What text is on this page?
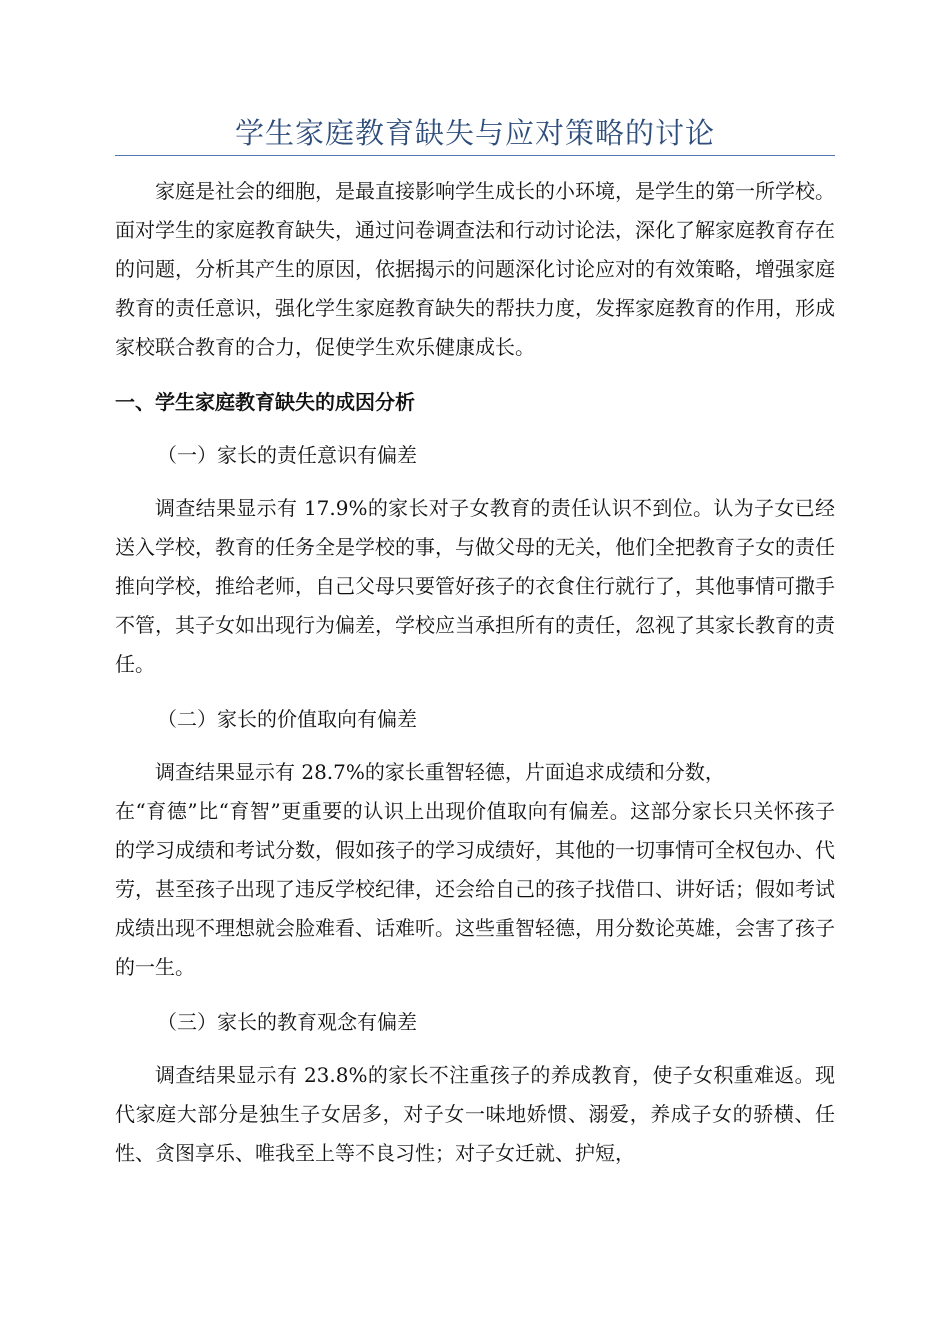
学生家庭教育缺失与应对策略的讨论

家庭是社会的细胞，是最直接影响学生成长的小环境，是学生的第一所学校。面对学生的家庭教育缺失，通过问卷调查法和行动讨论法，深化了解家庭教育存在的问题，分析其产生的原因，依据揭示的问题深化讨论应对的有效策略，增强家庭教育的责任意识，强化学生家庭教育缺失的帮扶力度，发挥家庭教育的作用，形成家校联合教育的合力，促使学生欢乐健康成长。

一、学生家庭教育缺失的成因分析
（一）家长的责任意识有偏差

调查结果显示有 17.9%的家长对子女教育的责任认识不到位。认为子女已经送入学校，教育的任务全是学校的事，与做父母的无关，他们全把教育子女的责任推向学校，推给老师，自己父母只要管好孩子的衣食住行就行了，其他事情可撒手不管，其子女如出现行为偏差，学校应当承担所有的责任，忽视了其家长教育的责任。

（二）家长的价值取向有偏差

调查结果显示有 28.7%的家长重智轻德，片面追求成绩和分数，
在“育德”比“育智”更重要的认识上出现价值取向有偏差。这部分家长只关怀孩子的学习成绩和考试分数，假如孩子的学习成绩好，其他的一切事情可全权包办、代劳，甚至孩子出现了违反学校纪律，还会给自己的孩子找借口、讲好话；假如考试成绩出现不理想就会脸难看、话难听。这些重智轻德，用分数论英雄，会害了孩子的一生。

（三）家长的教育观念有偏差

调查结果显示有 23.8%的家长不注重孩子的养成教育，使子女积重难返。现代家庭大部分是独生子女居多，对子女一味地娇惯、溺爱，养成子女的骄横、任性、贪图享乐、唯我至上等不良习性；对子女迁就、护短，
